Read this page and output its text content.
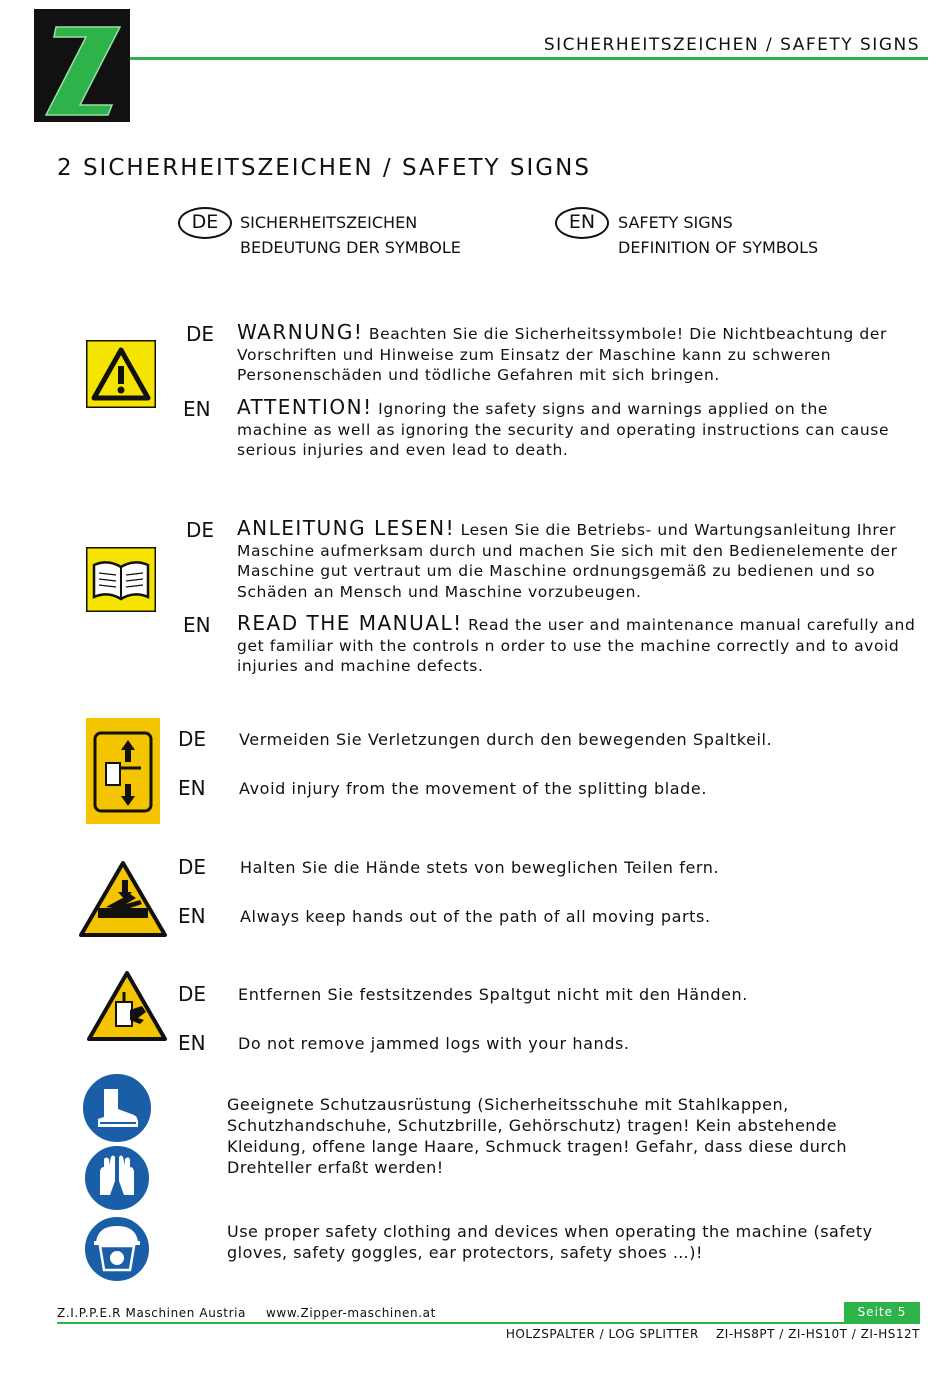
SICHERHEITSZEICHEN / SAFETY SIGNS
2 SICHERHEITSZEICHEN / SAFETY SIGNS
DE	SICHERHEITSZEICHEN
BEDEUTUNG DER SYMBOLE
EN	SAFETY SIGNS
DEFINITION OF SYMBOLS
DE WARNUNG! Beachten Sie die Sicherheitssymbole! Die Nichtbeachtung der Vorschriften und Hinweise zum Einsatz der Maschine kann zu schweren Personenschäden und tödliche Gefahren mit sich bringen.
EN ATTENTION! Ignoring the safety signs and warnings applied on the machine as well as ignoring the security and operating instructions can cause serious injuries and even lead to death.
DE ANLEITUNG LESEN! Lesen Sie die Betriebs- und Wartungsanleitung Ihrer Maschine aufmerksam durch und machen Sie sich mit den Bedienelemente der Maschine gut vertraut um die Maschine ordnungsgemäß zu bedienen und so Schäden an Mensch und Maschine vorzubeugen.
EN READ THE MANUAL! Read the user and maintenance manual carefully and get familiar with the controls n order to use the machine correctly and to avoid injuries and machine defects.
DE Vermeiden Sie Verletzungen durch den bewegenden Spaltkeil.
EN Avoid injury from the movement of the splitting blade.
DE Halten Sie die Hände stets von beweglichen Teilen fern.
EN Always keep hands out of the path of all moving parts.
DE Entfernen Sie festsitzendes Spaltgut nicht mit den Händen.
EN Do not remove jammed logs with your hands.
Geeignete Schutzausrüstung (Sicherheitsschuhe mit Stahlkappen, Schutzhandschuhe, Schutzbrille, Gehörschutz) tragen! Kein abstehende Kleidung, offene lange Haare, Schmuck tragen! Gefahr, dass diese durch Drehteller erfaßt werden!
Use proper safety clothing and devices when operating the machine (safety gloves, safety goggles, ear protectors, safety shoes …)!
Z.I.P.P.E.R Maschinen Austria www.Zipper-maschinen.at	Seite 5
HOLZSPALTER / LOG SPLITTER    ZI-HS8PT / ZI-HS10T / ZI-HS12T
